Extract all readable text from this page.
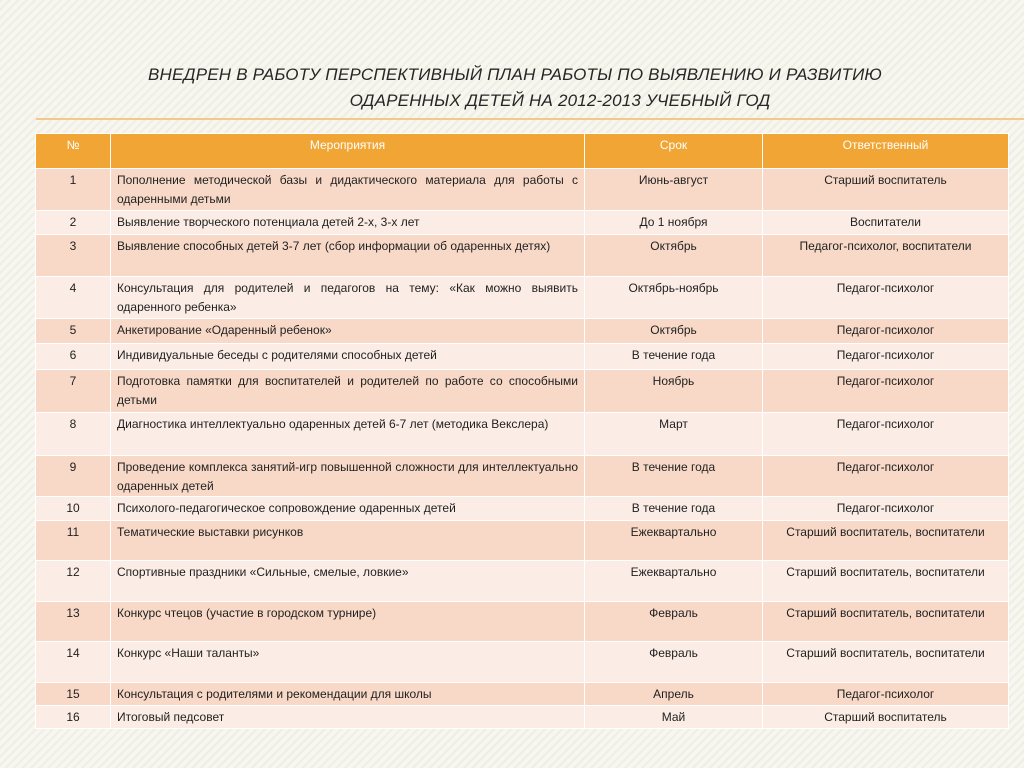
ВНЕДРЕН В РАБОТУ ПЕРСПЕКТИВНЫЙ ПЛАН РАБОТЫ ПО ВЫЯВЛЕНИЮ И РАЗВИТИЮ
ОДАРЕННЫХ ДЕТЕЙ НА 2012-2013 УЧЕБНЫЙ ГОД
№	Мероприятия	Срок	Ответственный
1	Пополнение методической базы и дидактического материала для работы с одаренными детьми	Июнь-август	Старший воспитатель
2	Выявление творческого потенциала детей 2-х, 3-х лет	До 1 ноября	Воспитатели
3	Выявление способных детей 3-7 лет (сбор информации об одаренных детях)	Октябрь	Педагог-психолог, воспитатели
4	Консультация для родителей и педагогов на тему: «Как можно выявить одаренного ребенка»	Октябрь-ноябрь	Педагог-психолог
5	Анкетирование «Одаренный ребенок»	Октябрь	Педагог-психолог
6	Индивидуальные беседы с родителями способных детей	В течение года	Педагог-психолог
7	Подготовка памятки для воспитателей и родителей по работе со способными детьми	Ноябрь	Педагог-психолог
8	Диагностика интеллектуально одаренных детей 6-7 лет (методика Векслера)	Март	Педагог-психолог
9	Проведение комплекса занятий-игр повышенной сложности для интеллектуально одаренных детей	В течение года	Педагог-психолог
10	Психолого-педагогическое сопровождение одаренных детей	В течение года	Педагог-психолог
11	Тематические выставки рисунков	Ежеквартально	Старший воспитатель, воспитатели
12	Спортивные праздники «Сильные, смелые, ловкие»	Ежеквартально	Старший воспитатель, воспитатели
13	Конкурс чтецов (участие в городском турнире)	Февраль	Старший воспитатель, воспитатели
14	Конкурс «Наши таланты»	Февраль	Старший воспитатель, воспитатели
15	Консультация с родителями и рекомендации для школы	Апрель	Педагог-психолог
16	Итоговый педсовет	Май	Старший воспитатель
